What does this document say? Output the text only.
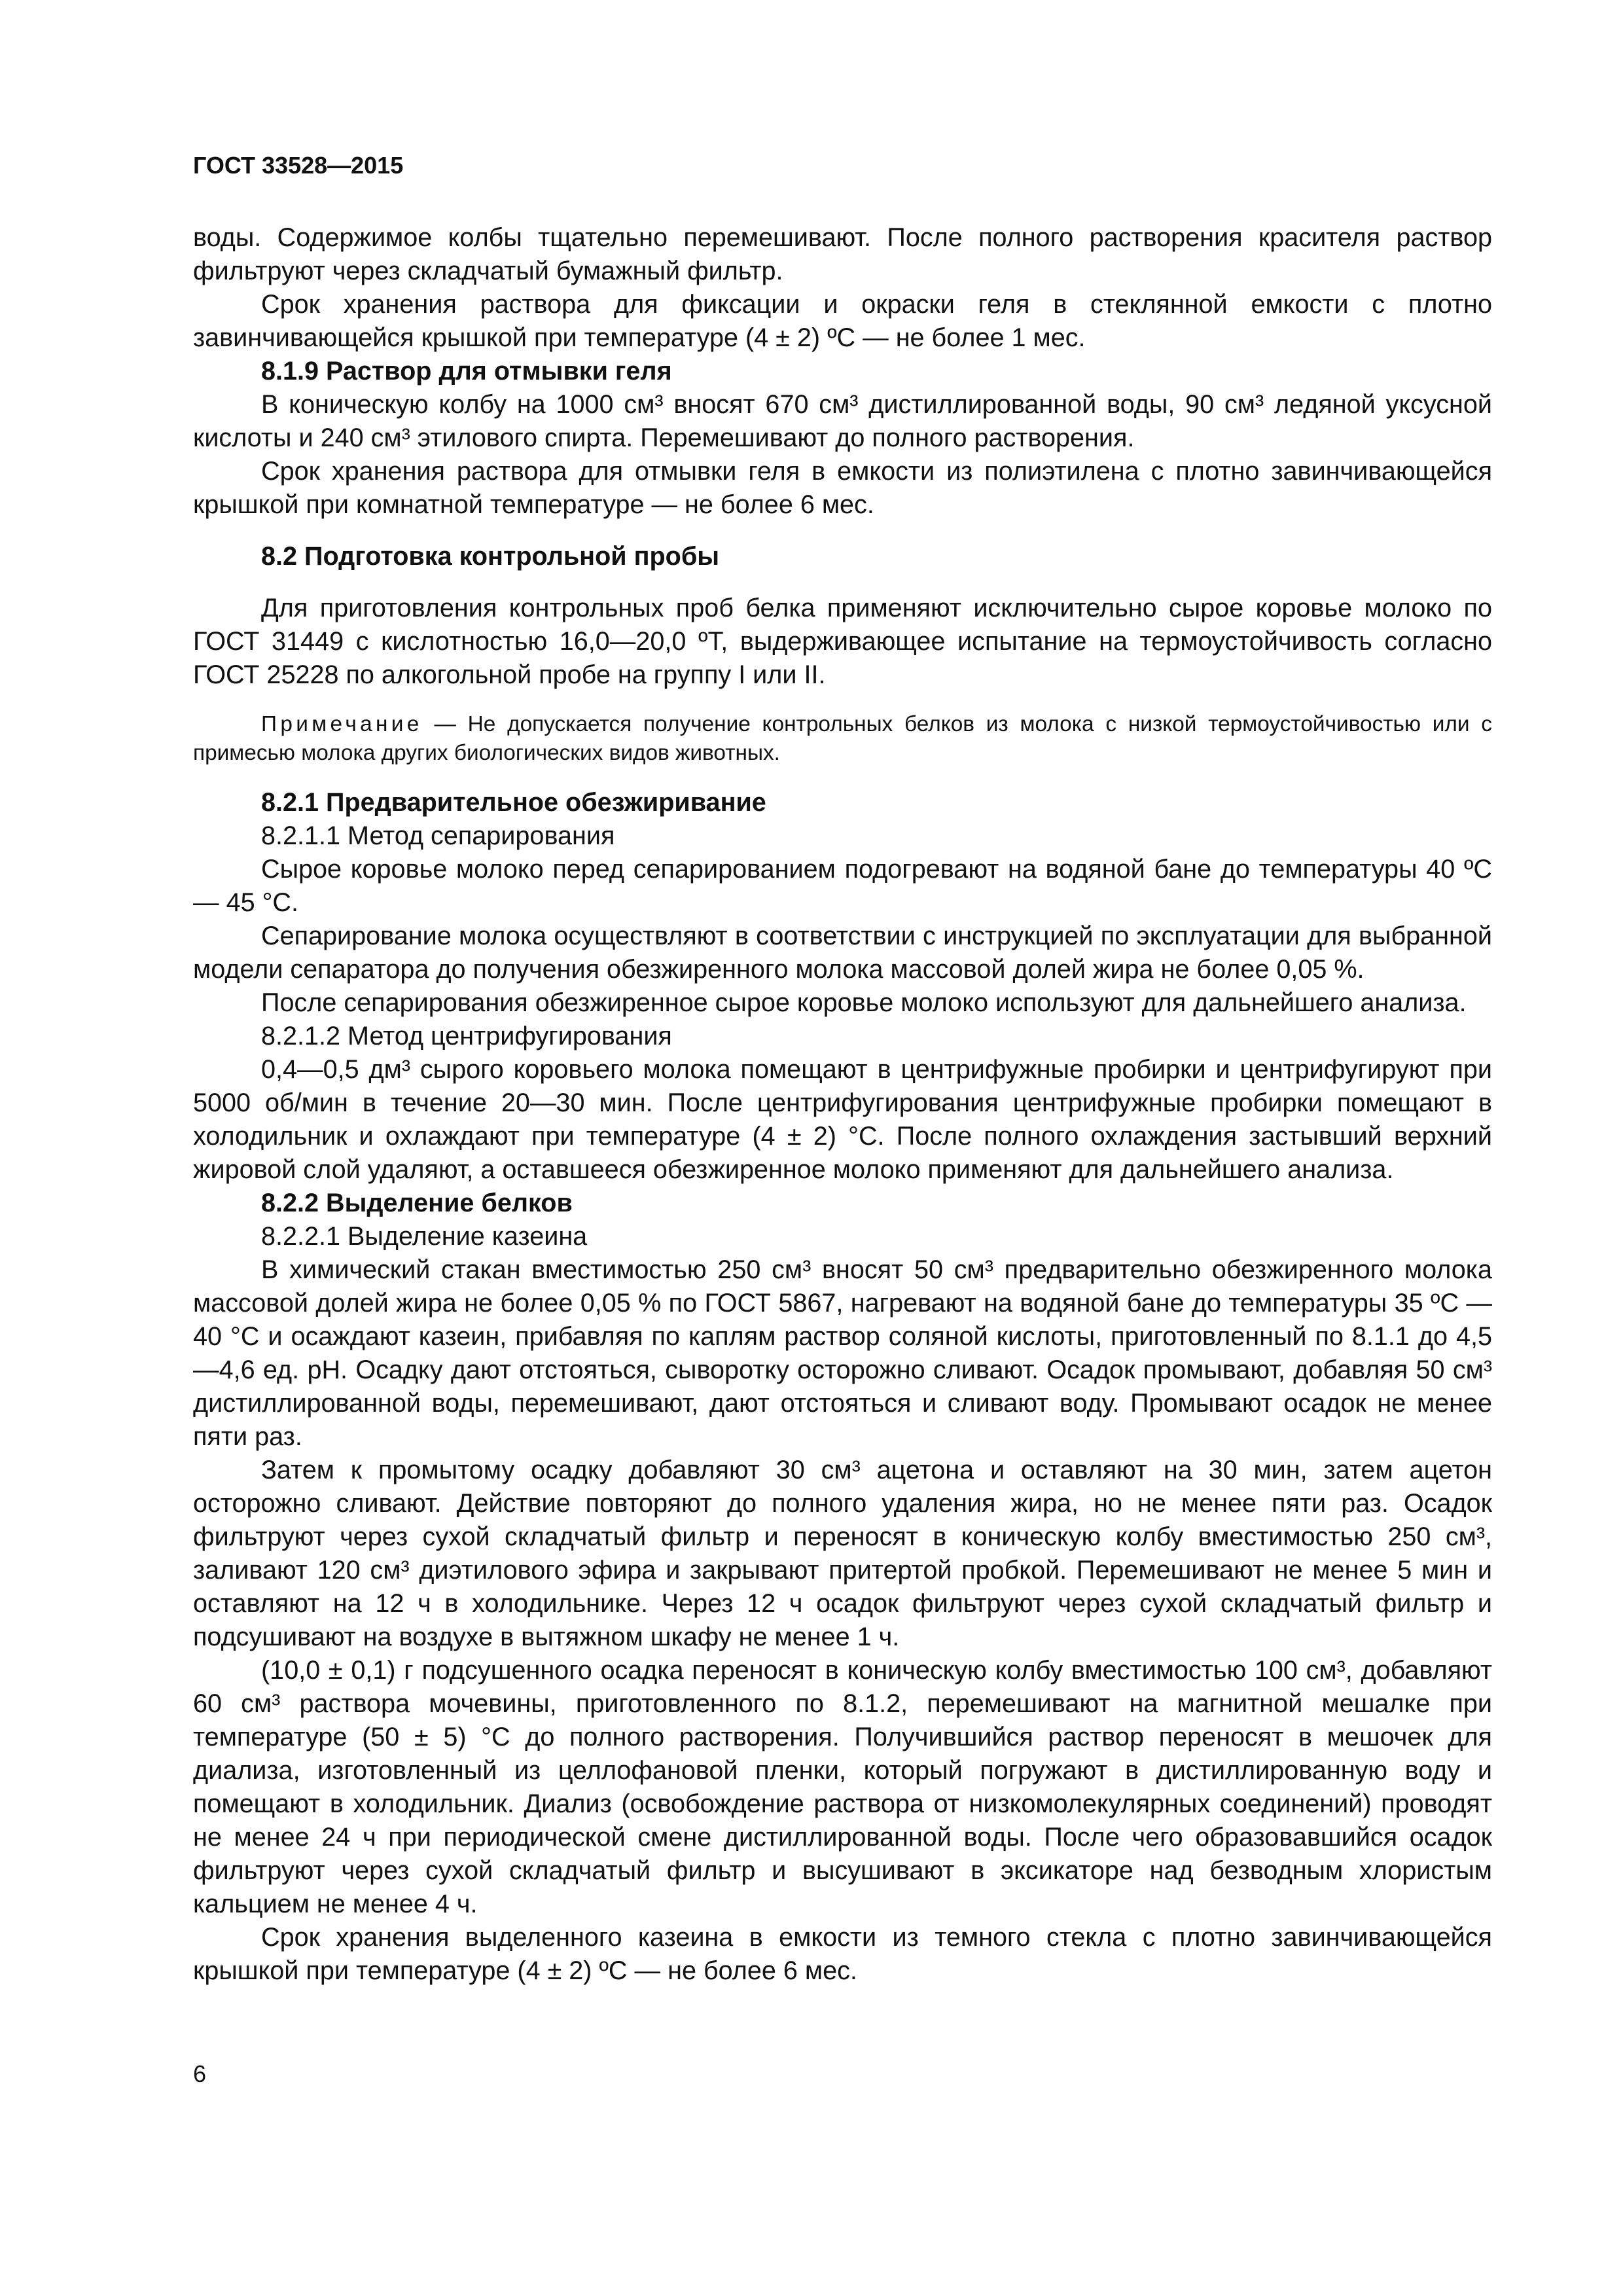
ГОСТ 33528—2015

воды. Содержимое колбы тщательно перемешивают. После полного растворения красителя раствор фильтруют через складчатый бумажный фильтр.

Срок хранения раствора для фиксации и окраски геля в стеклянной емкости с плотно завинчивающейся крышкой при температуре (4 ± 2) ºС — не более 1 мес.

8.1.9 Раствор для отмывки геля

В коническую колбу на 1000 см³ вносят 670 см³ дистиллированной воды, 90 см³ ледяной уксусной кислоты и 240 см³ этилового спирта. Перемешивают до полного растворения.

Срок хранения раствора для отмывки геля в емкости из полиэтилена с плотно завинчивающейся крышкой при комнатной температуре — не более 6 мес.

8.2 Подготовка контрольной пробы

Для приготовления контрольных проб белка применяют исключительно сырое коровье молоко по ГОСТ 31449 с кислотностью 16,0—20,0 ºТ, выдерживающее испытание на термоустойчивость согласно ГОСТ 25228 по алкогольной пробе на группу I или II.

Примечание — Не допускается получение контрольных белков из молока с низкой термоустойчивостью или с примесью молока других биологических видов животных.

8.2.1 Предварительное обезжиривание

8.2.1.1 Метод сепарирования

Сырое коровье молоко перед сепарированием подогревают на водяной бане до температуры 40 ºС — 45 °С.

Сепарирование молока осуществляют в соответствии с инструкцией по эксплуатации для выбранной модели сепаратора до получения обезжиренного молока массовой долей жира не более 0,05 %.

После сепарирования обезжиренное сырое коровье молоко используют для дальнейшего анализа.

8.2.1.2 Метод центрифугирования

0,4—0,5 дм³ сырого коровьего молока помещают в центрифужные пробирки и центрифугируют при 5000 об/мин в течение 20—30 мин. После центрифугирования центрифужные пробирки помещают в холодильник и охлаждают при температуре (4 ± 2) °С. После полного охлаждения застывший верхний жировой слой удаляют, а оставшееся обезжиренное молоко применяют для дальнейшего анализа.

8.2.2 Выделение белков

8.2.2.1 Выделение казеина

В химический стакан вместимостью 250 см³ вносят 50 см³ предварительно обезжиренного молока массовой долей жира не более 0,05 % по ГОСТ 5867, нагревают на водяной бане до температуры 35 ºС — 40 °С и осаждают казеин, прибавляя по каплям раствор соляной кислоты, приготовленный по 8.1.1 до 4,5—4,6 ед. рН. Осадку дают отстояться, сыворотку осторожно сливают. Осадок промывают, добавляя 50 см³ дистиллированной воды, перемешивают, дают отстояться и сливают воду. Промывают осадок не менее пяти раз.

Затем к промытому осадку добавляют 30 см³ ацетона и оставляют на 30 мин, затем ацетон осторожно сливают. Действие повторяют до полного удаления жира, но не менее пяти раз. Осадок фильтруют через сухой складчатый фильтр и переносят в коническую колбу вместимостью 250 см³, заливают 120 см³ диэтилового эфира и закрывают притертой пробкой. Перемешивают не менее 5 мин и оставляют на 12 ч в холодильнике. Через 12 ч осадок фильтруют через сухой складчатый фильтр и подсушивают на воздухе в вытяжном шкафу не менее 1 ч.

(10,0 ± 0,1) г подсушенного осадка переносят в коническую колбу вместимостью 100 см³, добавляют 60 см³ раствора мочевины, приготовленного по 8.1.2, перемешивают на магнитной мешалке при температуре (50 ± 5) °С до полного растворения. Получившийся раствор переносят в мешочек для диализа, изготовленный из целлофановой пленки, который погружают в дистиллированную воду и помещают в холодильник. Диализ (освобождение раствора от низкомолекулярных соединений) проводят не менее 24 ч при периодической смене дистиллированной воды. После чего образовавшийся осадок фильтруют через сухой складчатый фильтр и высушивают в эксикаторе над безводным хлористым кальцием не менее 4 ч.

Срок хранения выделенного казеина в емкости из темного стекла с плотно завинчивающейся крышкой при температуре (4 ± 2) ºС — не более 6 мес.

6
